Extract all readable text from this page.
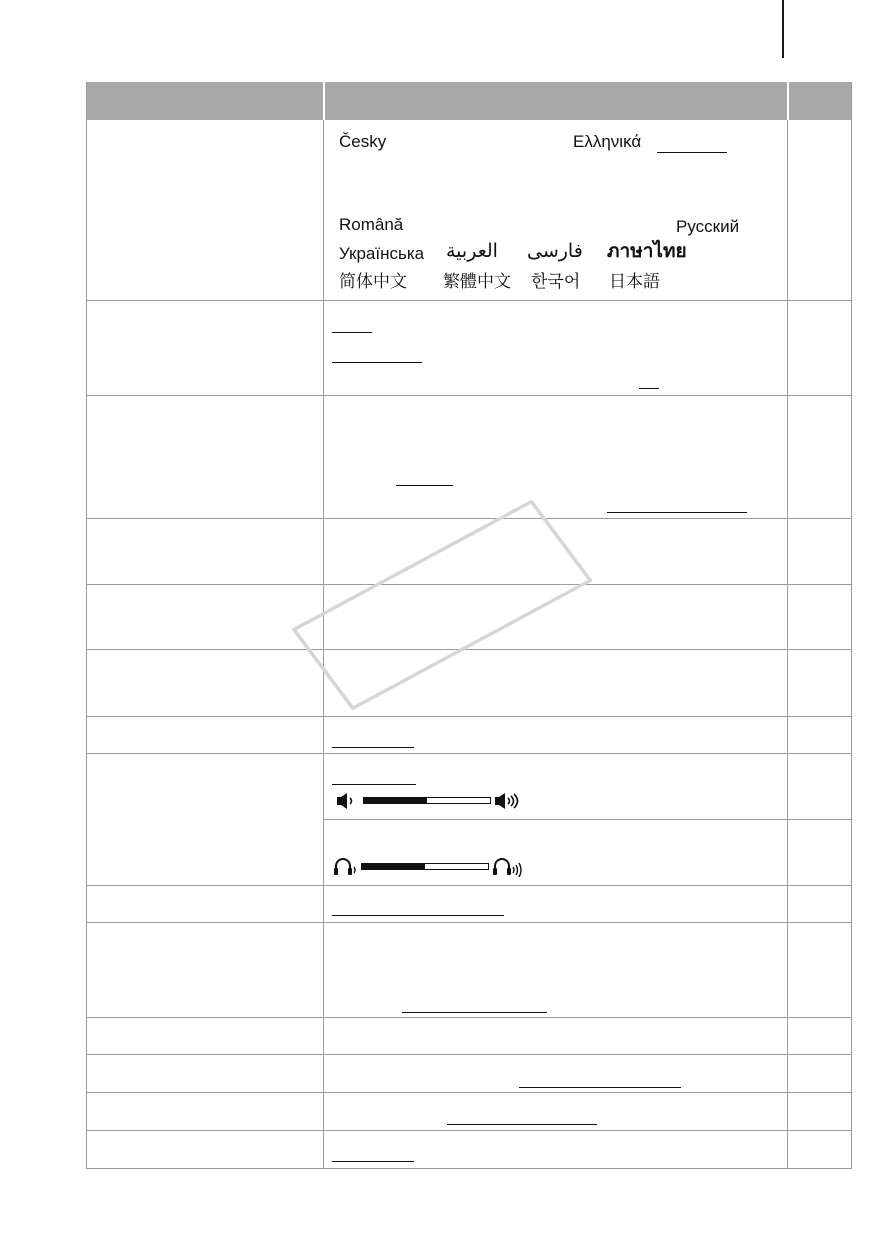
Česky	Ελληνικά
Română	Русский
Українська العربية فارسی ภาษาไทย
简体中文 繁體中文 한국어 日本語
